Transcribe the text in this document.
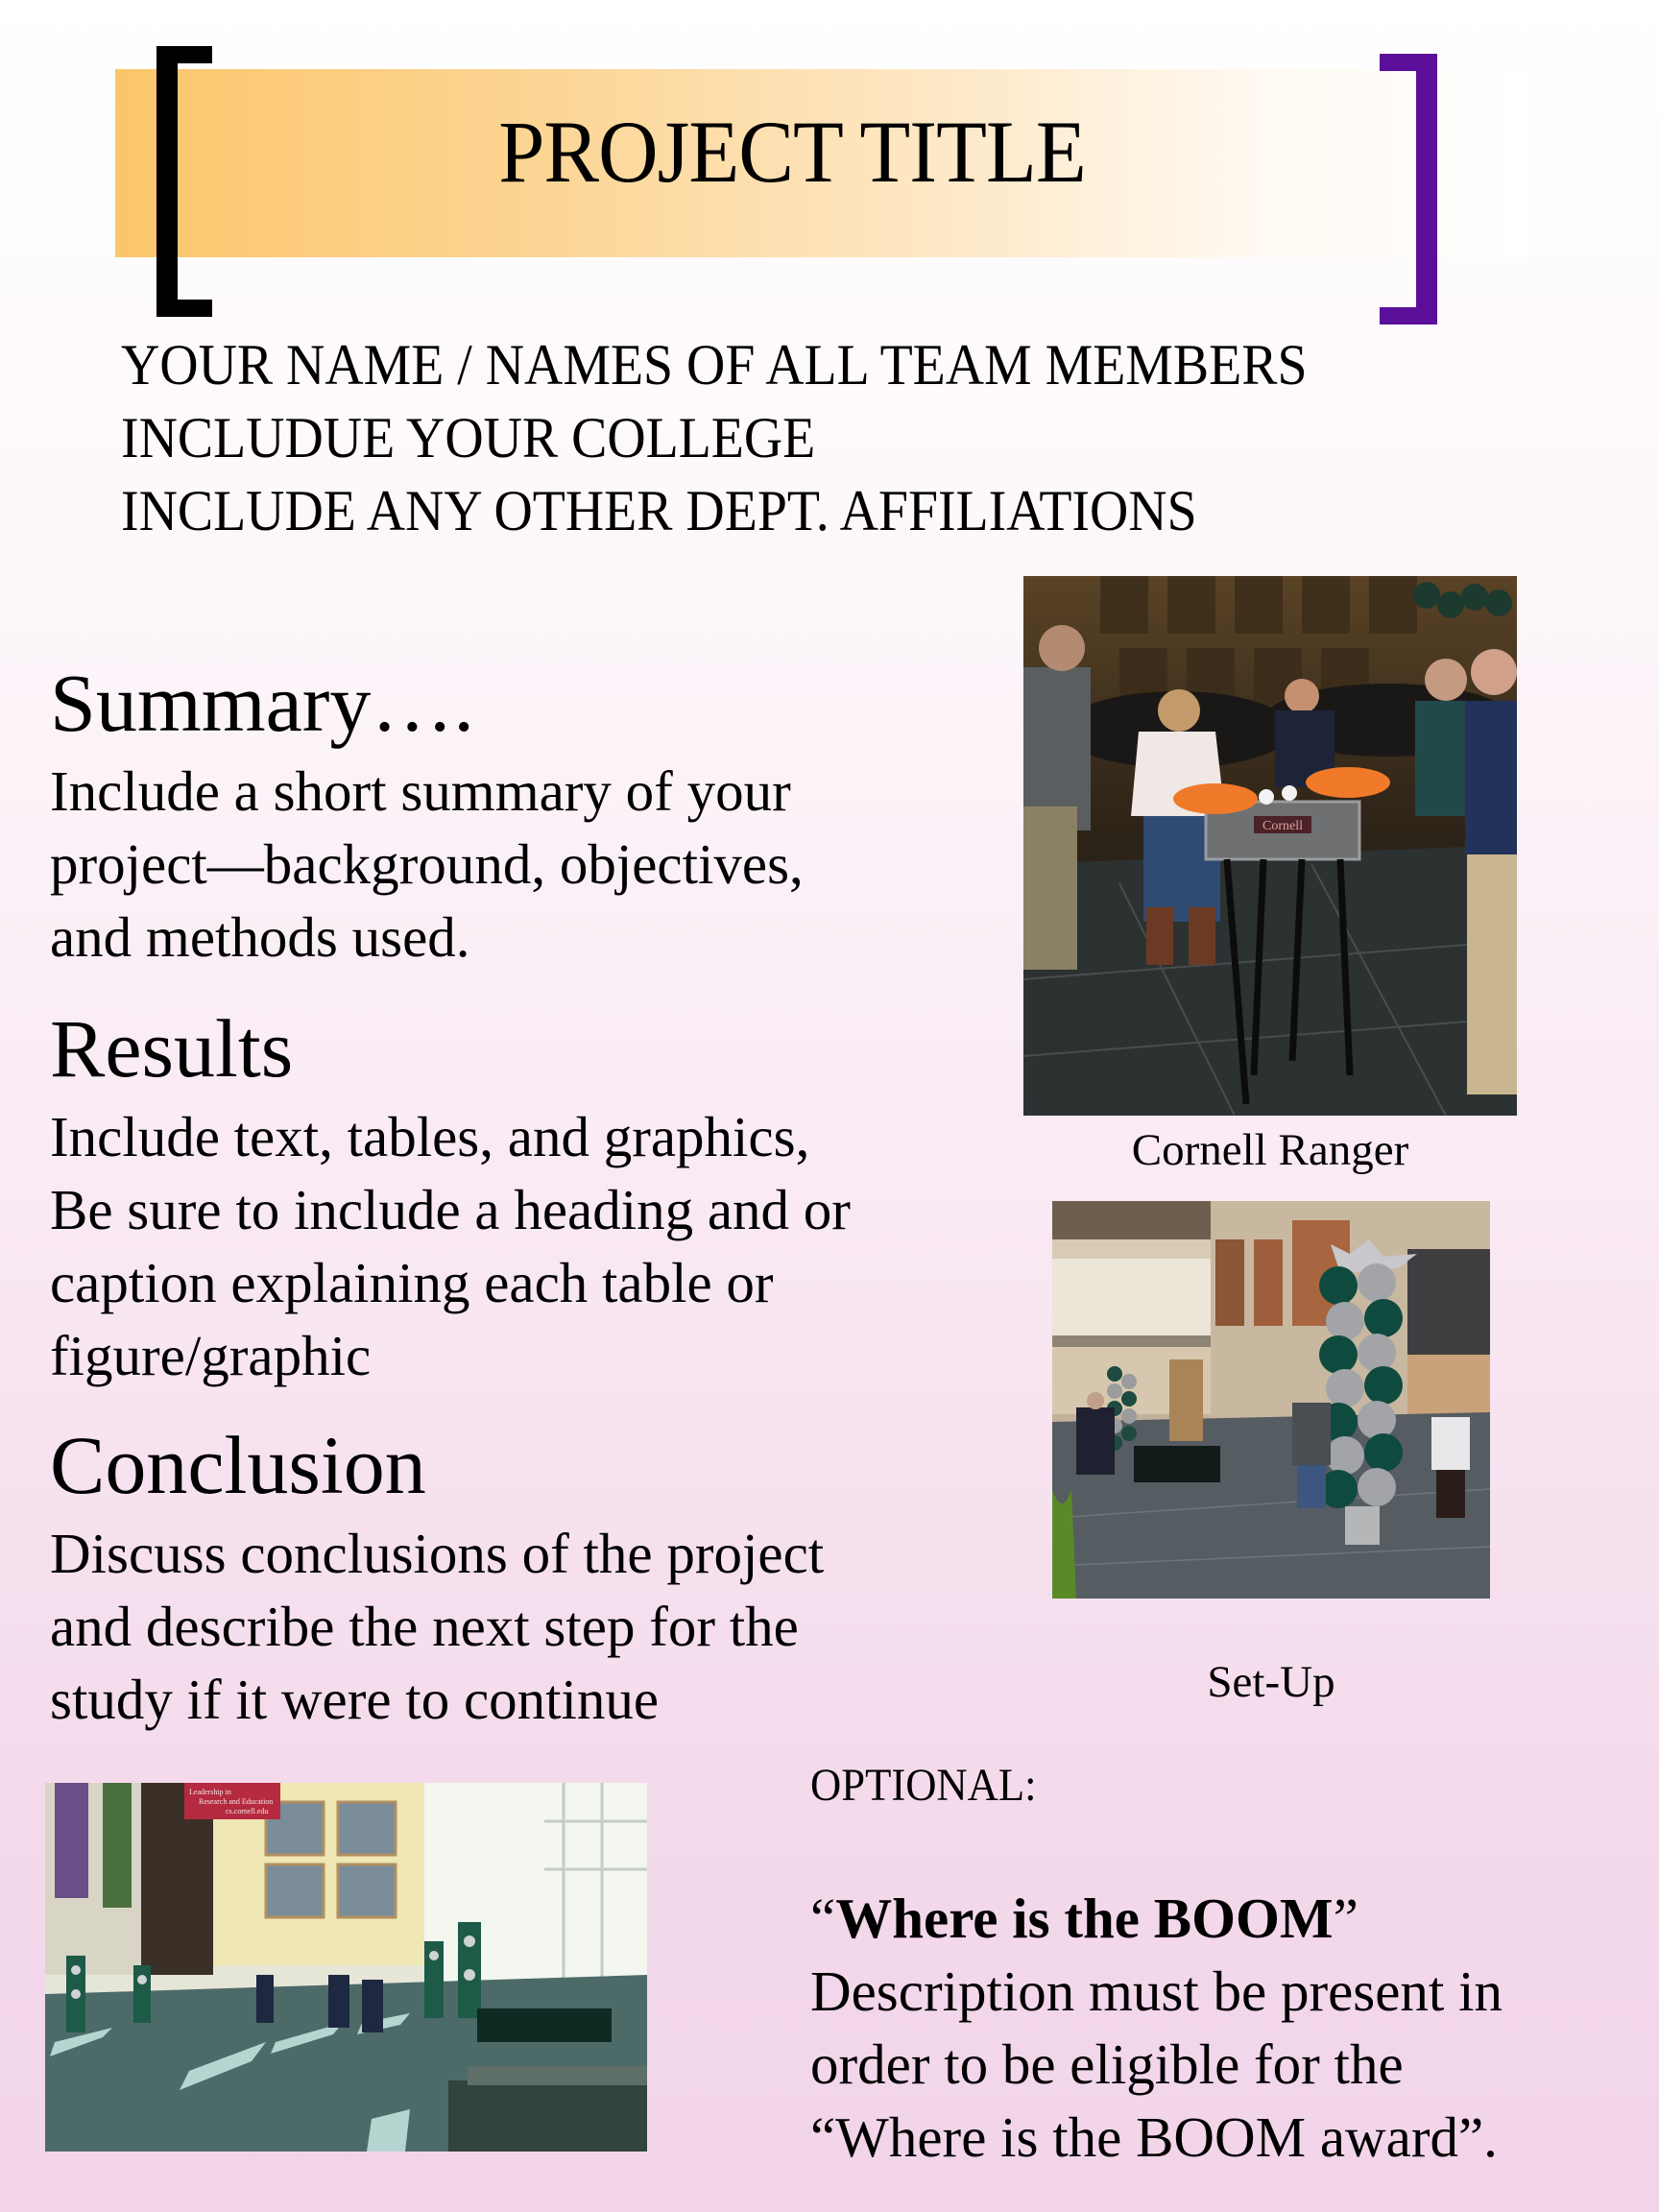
PROJECT TITLE
YOUR NAME / NAMES OF ALL TEAM MEMBERS
INCLUDUE YOUR COLLEGE
INCLUDE ANY OTHER DEPT. AFFILIATIONS
Summary….
Include a short summary of your
project—background, objectives,
and methods used.
Results
Include text, tables, and graphics,
Be sure to include a heading and or
caption explaining each table or
figure/graphic
Conclusion
Discuss conclusions of the project
and describe the next step for the
study if it were to continue
Cornell
Cornell Ranger
Set-Up
Leadership in
Research and Education
cs.cornell.edu
OPTIONAL:
“Where is the BOOM”
Description must be present in
order to be eligible for the
“Where is the BOOM award”.
